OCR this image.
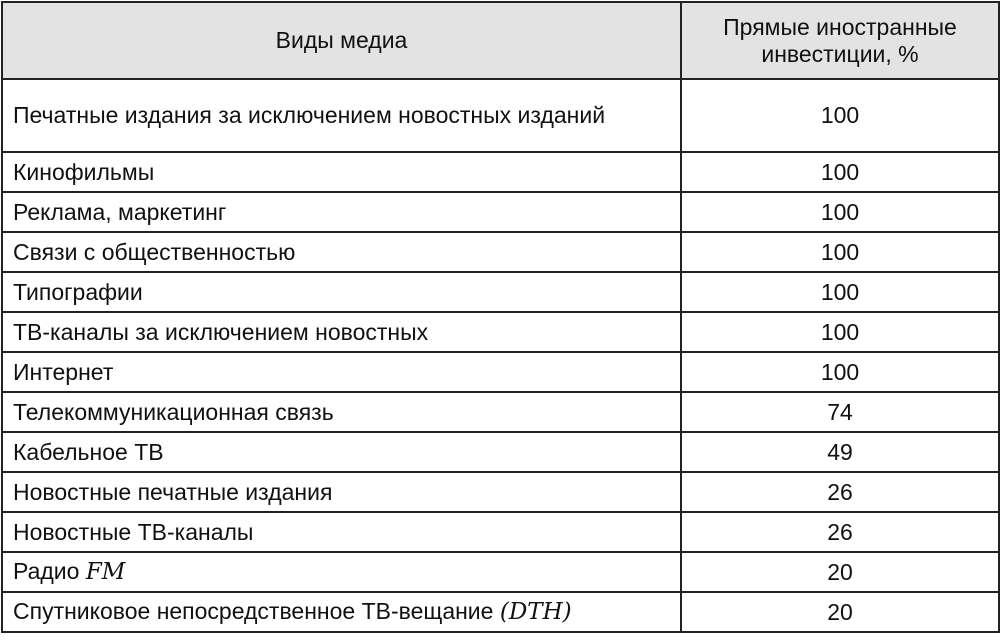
Виды медиа	Прямые иностранные инвестиции, %
Печатные издания за исключением новостных изданий	100
Кинофильмы	100
Реклама, маркетинг	100
Связи с общественностью	100
Типографии	100
ТВ-каналы за исключением новостных	100
Интернет	100
Телекоммуникационная связь	74
Кабельное ТВ	49
Новостные печатные издания	26
Новостные ТВ-каналы	26
Радио FM	20
Спутниковое непосредственное ТВ-вещание (DTH)	20
